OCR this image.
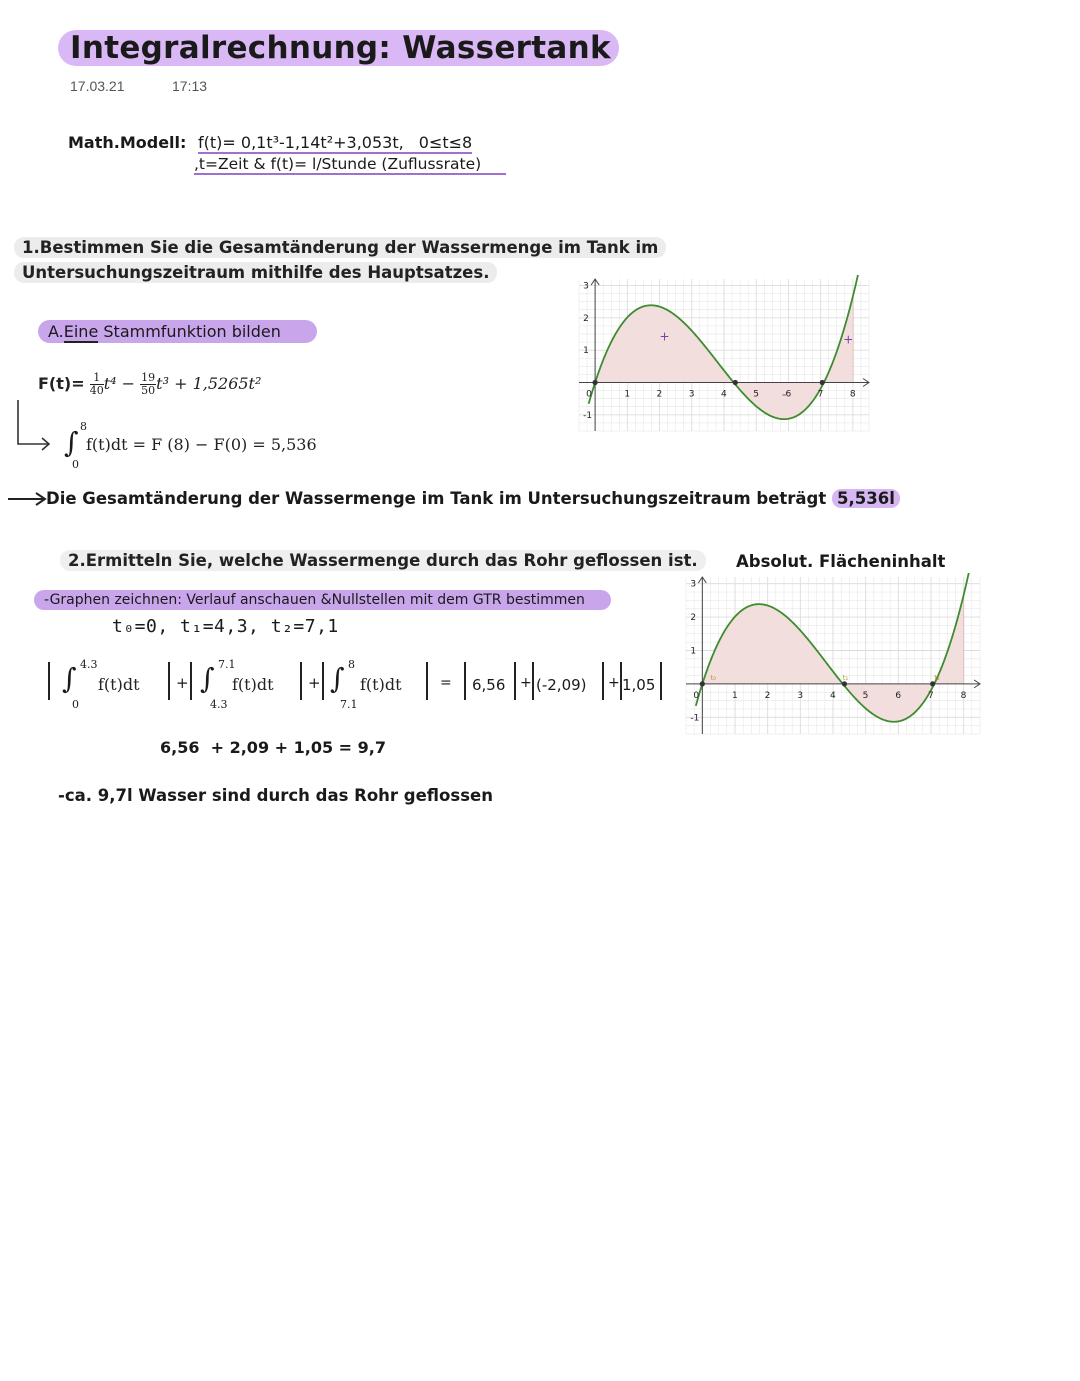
Integralrechnung: Wassertank
17.03.21	17:13
Math.Modell: f(t)= 0,1t³-1,14t²+3,053t, 0≤t≤8
,t=Zeit & f(t)= l/Stunde (Zuflussrate)
1.Bestimmen Sie die Gesamtänderung der Wassermenge im Tank im
Untersuchungszeitraum mithilfe des Hauptsatzes.
A.Eine Stammfunktion bilden
$F(t)= \frac{1}{40} t^4 - \frac{19}{50} t^3 + 1,5265t^2$
8
∫
0
f(t)dt = F (8) − F(0) = 5,536
Die Gesamtänderung der Wassermenge im Tank im Untersuchungszeitraum beträgt 5,536l
0	1	2	3	4	5	6	7	8
3
2
1
-1
+
-
+
2.Ermitteln Sie, welche Wassermenge durch das Rohr geflossen ist.
-Graphen zeichnen: Verlauf anschauen &Nullstellen mit dem GTR bestimmen
t₀=0, t₁=4,3, t₂=7,1
4.3
∫
0
f(t)dt +
7.1
∫
4.3
f(t)dt +
8
∫
7.1
f(t)dt	= 6,56 + (-2,09) + 1,05
6,56  + 2,09 + 1,05 = 9,7
-ca. 9,7l Wasser sind durch das Rohr geflossen
Absolut. Flächeninhalt
0	1	2	3	4	5	6	7	8
3
2
1
-1
t₀	t₁	t₂
